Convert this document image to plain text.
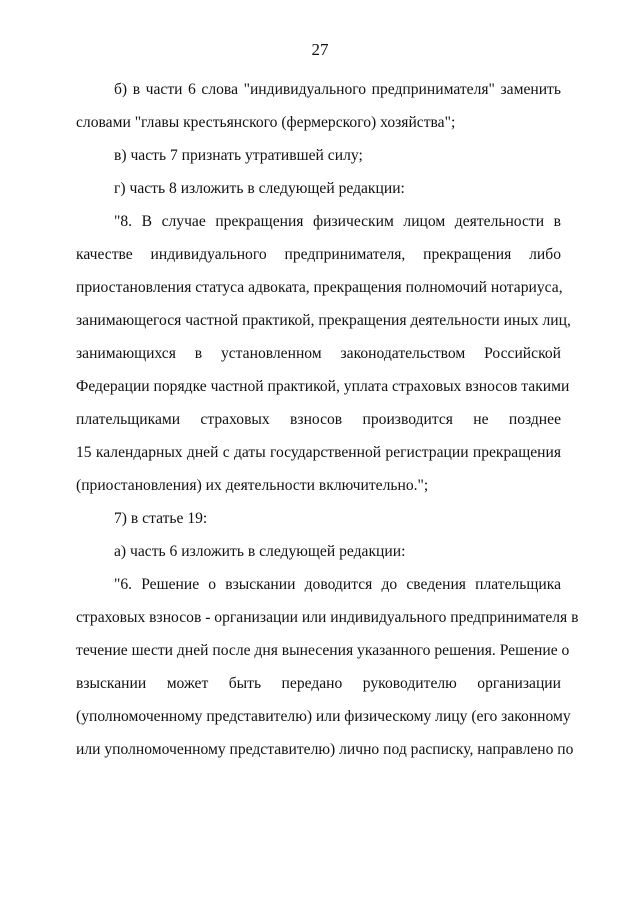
27
б) в части 6 слова "индивидуального предпринимателя" заменить
словами "главы крестьянского (фермерского) хозяйства";
в) часть 7 признать утратившей силу;
г) часть 8 изложить в следующей редакции:
"8. В случае прекращения физическим лицом деятельности в
качестве индивидуального предпринимателя, прекращения либо
приостановления статуса адвоката, прекращения полномочий нотариуса,
занимающегося частной практикой, прекращения деятельности иных лиц,
занимающихся в установленном законодательством Российской
Федерации порядке частной практикой, уплата страховых взносов такими
плательщиками страховых взносов производится не позднее
15 календарных дней с даты государственной регистрации прекращения
(приостановления) их деятельности включительно.";
7) в статье 19:
а) часть 6 изложить в следующей редакции:
"6. Решение о взыскании доводится до сведения плательщика
страховых взносов - организации или индивидуального предпринимателя в
течение шести дней после дня вынесения указанного решения. Решение о
взыскании может быть передано руководителю организации
(уполномоченному представителю) или физическому лицу (его законному
или уполномоченному представителю) лично под расписку, направлено по
